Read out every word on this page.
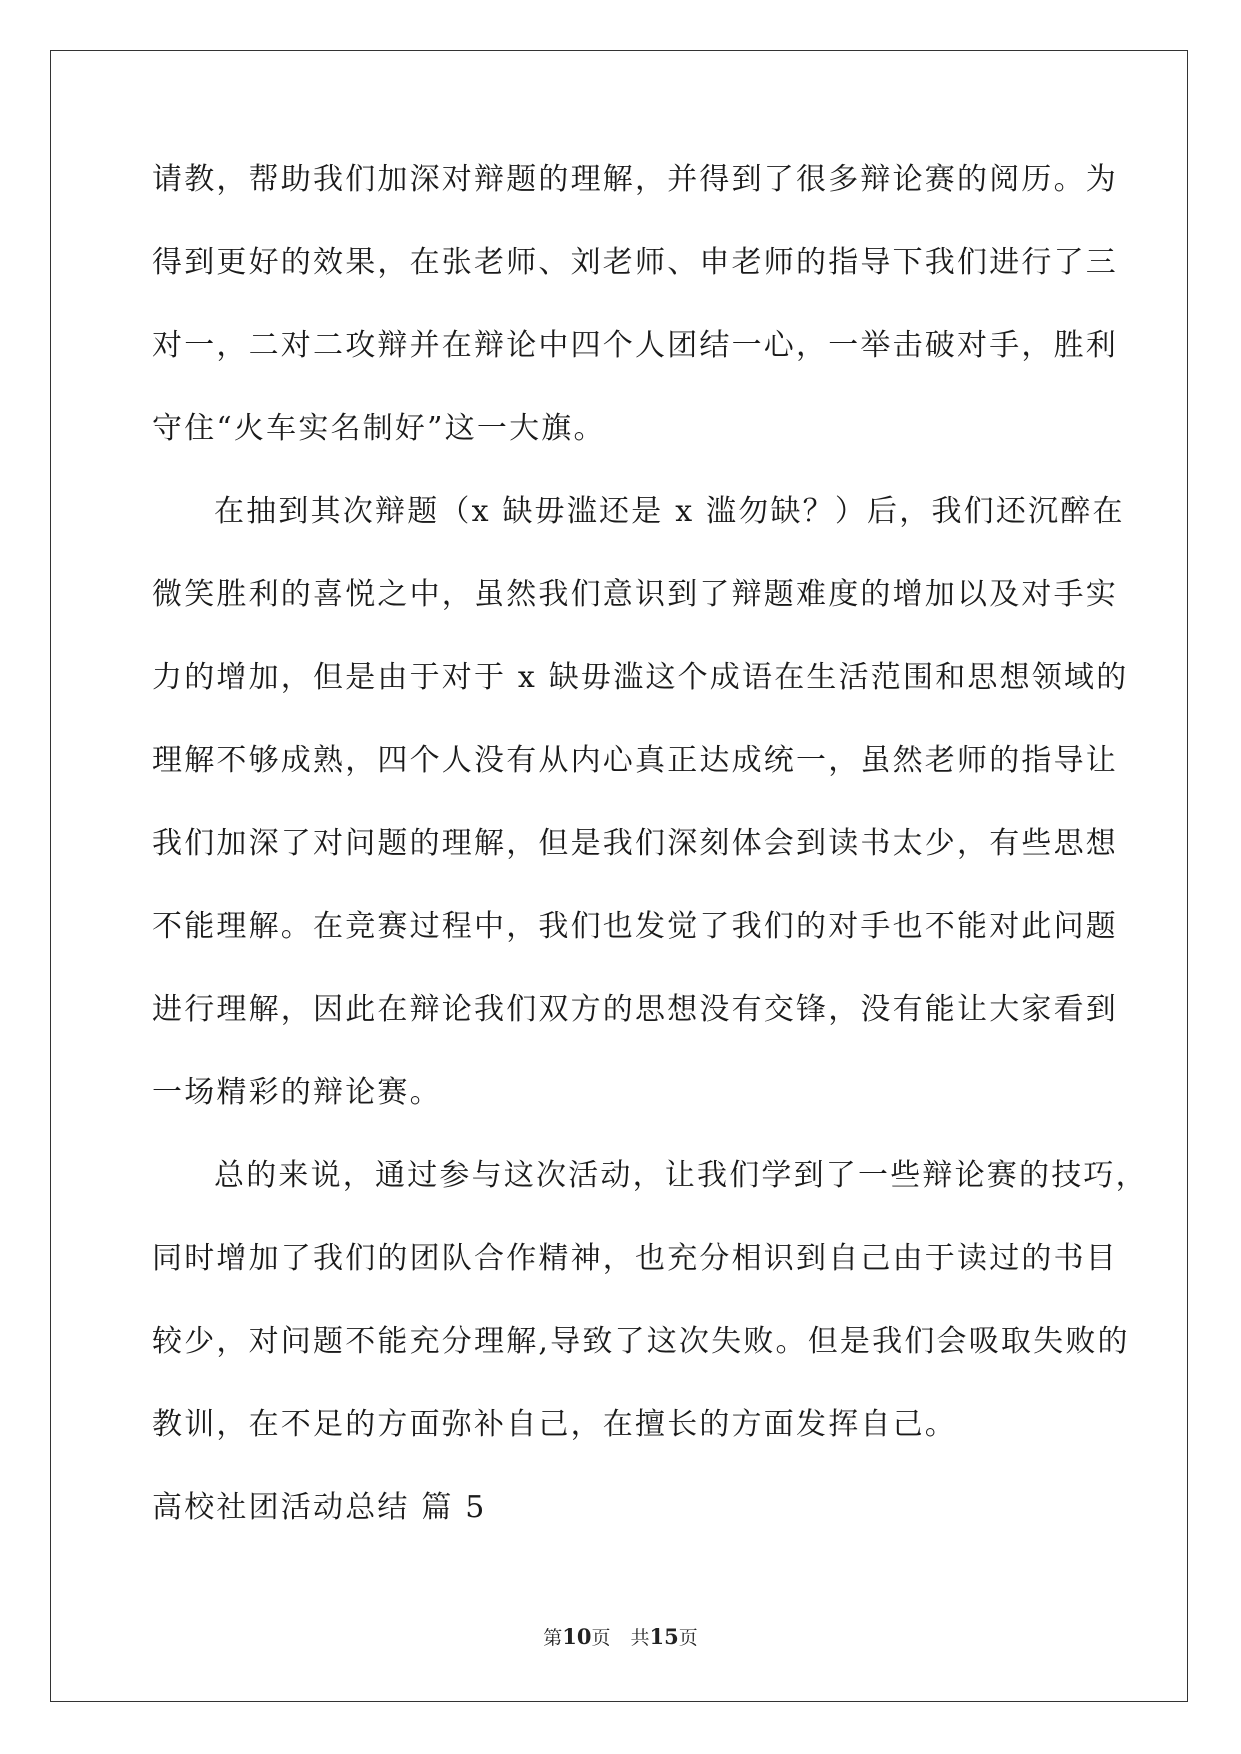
请教，帮助我们加深对辩题的理解，并得到了很多辩论赛的阅历。为
得到更好的效果，在张老师、刘老师、申老师的指导下我们进行了三
对一，二对二攻辩并在辩论中四个人团结一心，一举击破对手，胜利
守住“火车实名制好”这一大旗。
在抽到其次辩题（x 缺毋滥还是 x 滥勿缺？）后，我们还沉醉在
微笑胜利的喜悦之中，虽然我们意识到了辩题难度的增加以及对手实
力的增加，但是由于对于 x 缺毋滥这个成语在生活范围和思想领域的
理解不够成熟，四个人没有从内心真正达成统一，虽然老师的指导让
我们加深了对问题的理解，但是我们深刻体会到读书太少，有些思想
不能理解。在竞赛过程中，我们也发觉了我们的对手也不能对此问题
进行理解，因此在辩论我们双方的思想没有交锋，没有能让大家看到
一场精彩的辩论赛。
总的来说，通过参与这次活动，让我们学到了一些辩论赛的技巧，
同时增加了我们的团队合作精神，也充分相识到自己由于读过的书目
较少，对问题不能充分理解,导致了这次失败。但是我们会吸取失败的
教训，在不足的方面弥补自己，在擅长的方面发挥自己。
高校社团活动总结 篇 5
第10页 共15页
